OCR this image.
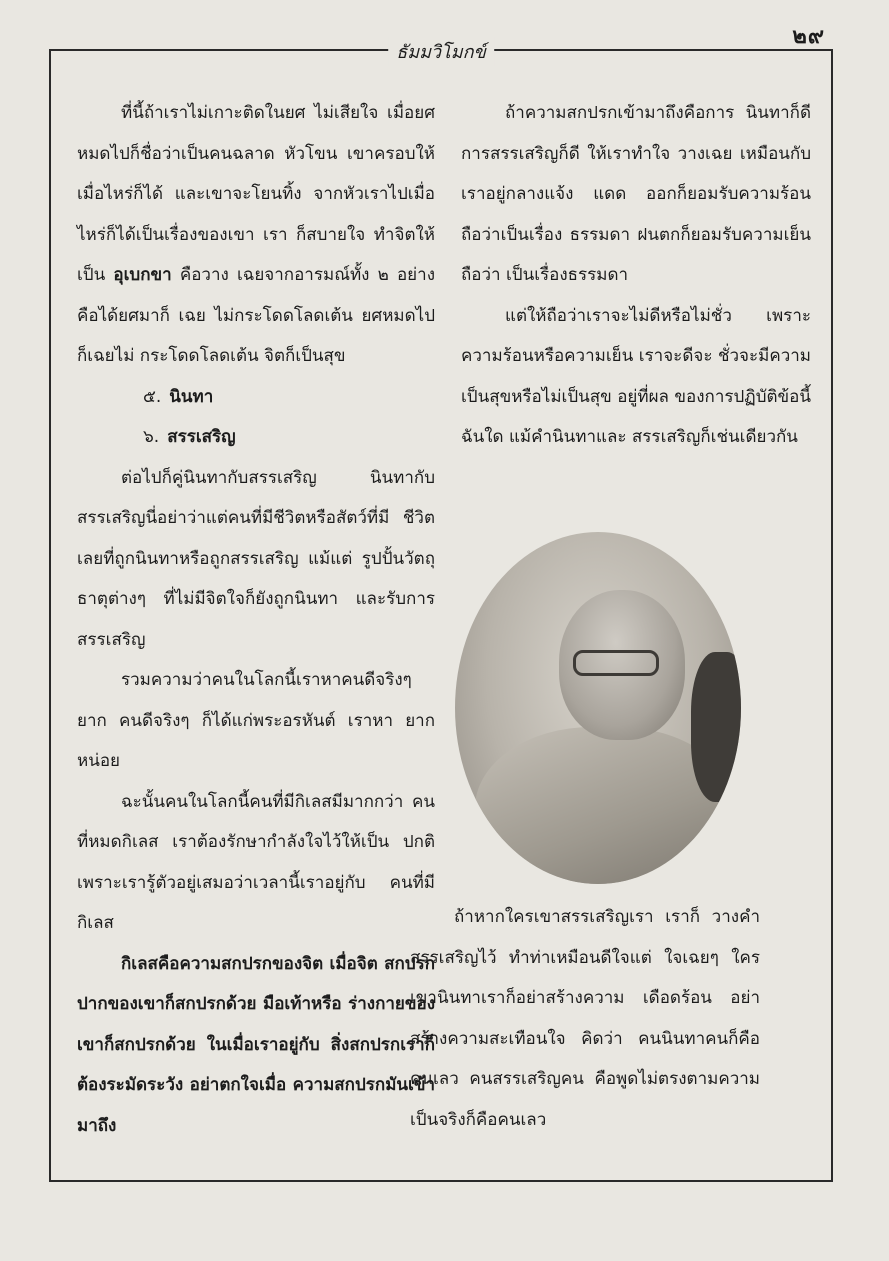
๒๙
ธัมมวิโมกข์

ที่นี้ถ้าเราไม่เกาะติดในยศ ไม่เสียใจ เมื่อยศหมดไปก็ชื่อว่าเป็นคนฉลาด หัวโขน เขาครอบให้เมื่อไหร่ก็ได้ และเขาจะโยนทิ้ง จากหัวเราไปเมื่อไหร่ก็ได้เป็นเรื่องของเขา เรา ก็สบายใจ ทำจิตให้เป็น อุเบกขา คือวาง เฉยจากอารมณ์ทั้ง ๒ อย่าง คือได้ยศมาก็ เฉย ไม่กระโดดโลดเต้น ยศหมดไปก็เฉยไม่ กระโดดโลดเต้น จิตก็เป็นสุข

๕. นินทา

๖. สรรเสริญ

ต่อไปก็คู่นินทากับสรรเสริญ นินทากับ สรรเสริญนี่อย่าว่าแต่คนที่มีชีวิตหรือสัตว์ที่มี ชีวิตเลยที่ถูกนินทาหรือถูกสรรเสริญ แม้แต่ รูปปั้นวัตถุธาตุต่างๆ ที่ไม่มีจิตใจก็ยังถูกนินทา และรับการสรรเสริญ

รวมความว่าคนในโลกนี้เราหาคนดีจริงๆ ยาก คนดีจริงๆ ก็ได้แก่พระอรหันต์ เราหา ยากหน่อย

ฉะนั้นคนในโลกนี้คนที่มีกิเลสมีมากกว่า คนที่หมดกิเลส เราต้องรักษากำลังใจไว้ให้เป็น ปกติ เพราะเรารู้ตัวอยู่เสมอว่าเวลานี้เราอยู่กับ คนที่มีกิเลส

กิเลสคือความสกปรกของจิต เมื่อจิต สกปรก ปากของเขาก็สกปรกด้วย มือเท้าหรือ ร่างกายของเขาก็สกปรกด้วย ในเมื่อเราอยู่กับ สิ่งสกปรกเราก็ต้องระมัดระวัง อย่าตกใจเมื่อ ความสกปรกมันเข้ามาถึง

ถ้าความสกปรกเข้ามาถึงคือการ นินทาก็ดี การสรรเสริญก็ดี ให้เราทำใจ วางเฉย เหมือนกับเราอยู่กลางแจ้ง แดด ออกก็ยอมรับความร้อนถือว่าเป็นเรื่อง ธรรมดา ฝนตกก็ยอมรับความเย็นถือว่า เป็นเรื่องธรรมดา

แต่ให้ถือว่าเราจะไม่ดีหรือไม่ชั่ว เพราะความร้อนหรือความเย็น เราจะดีจะ ชั่วจะมีความเป็นสุขหรือไม่เป็นสุข อยู่ที่ผล ของการปฏิบัติข้อนี้ฉันใด แม้คำนินทาและ สรรเสริญก็เช่นเดียวกัน

ถ้าหากใครเขาสรรเสริญเรา เราก็ วางคำสรรเสริญไว้ ทำท่าเหมือนดีใจแต่ ใจเฉยๆ ใครเขานินทาเราก็อย่าสร้างความ เดือดร้อน อย่าสร้างความสะเทือนใจ คิดว่า คนนินทาคนก็คือคนเลว คนสรรเสริญคน คือพูดไม่ตรงตามความเป็นจริงก็คือคนเลว
